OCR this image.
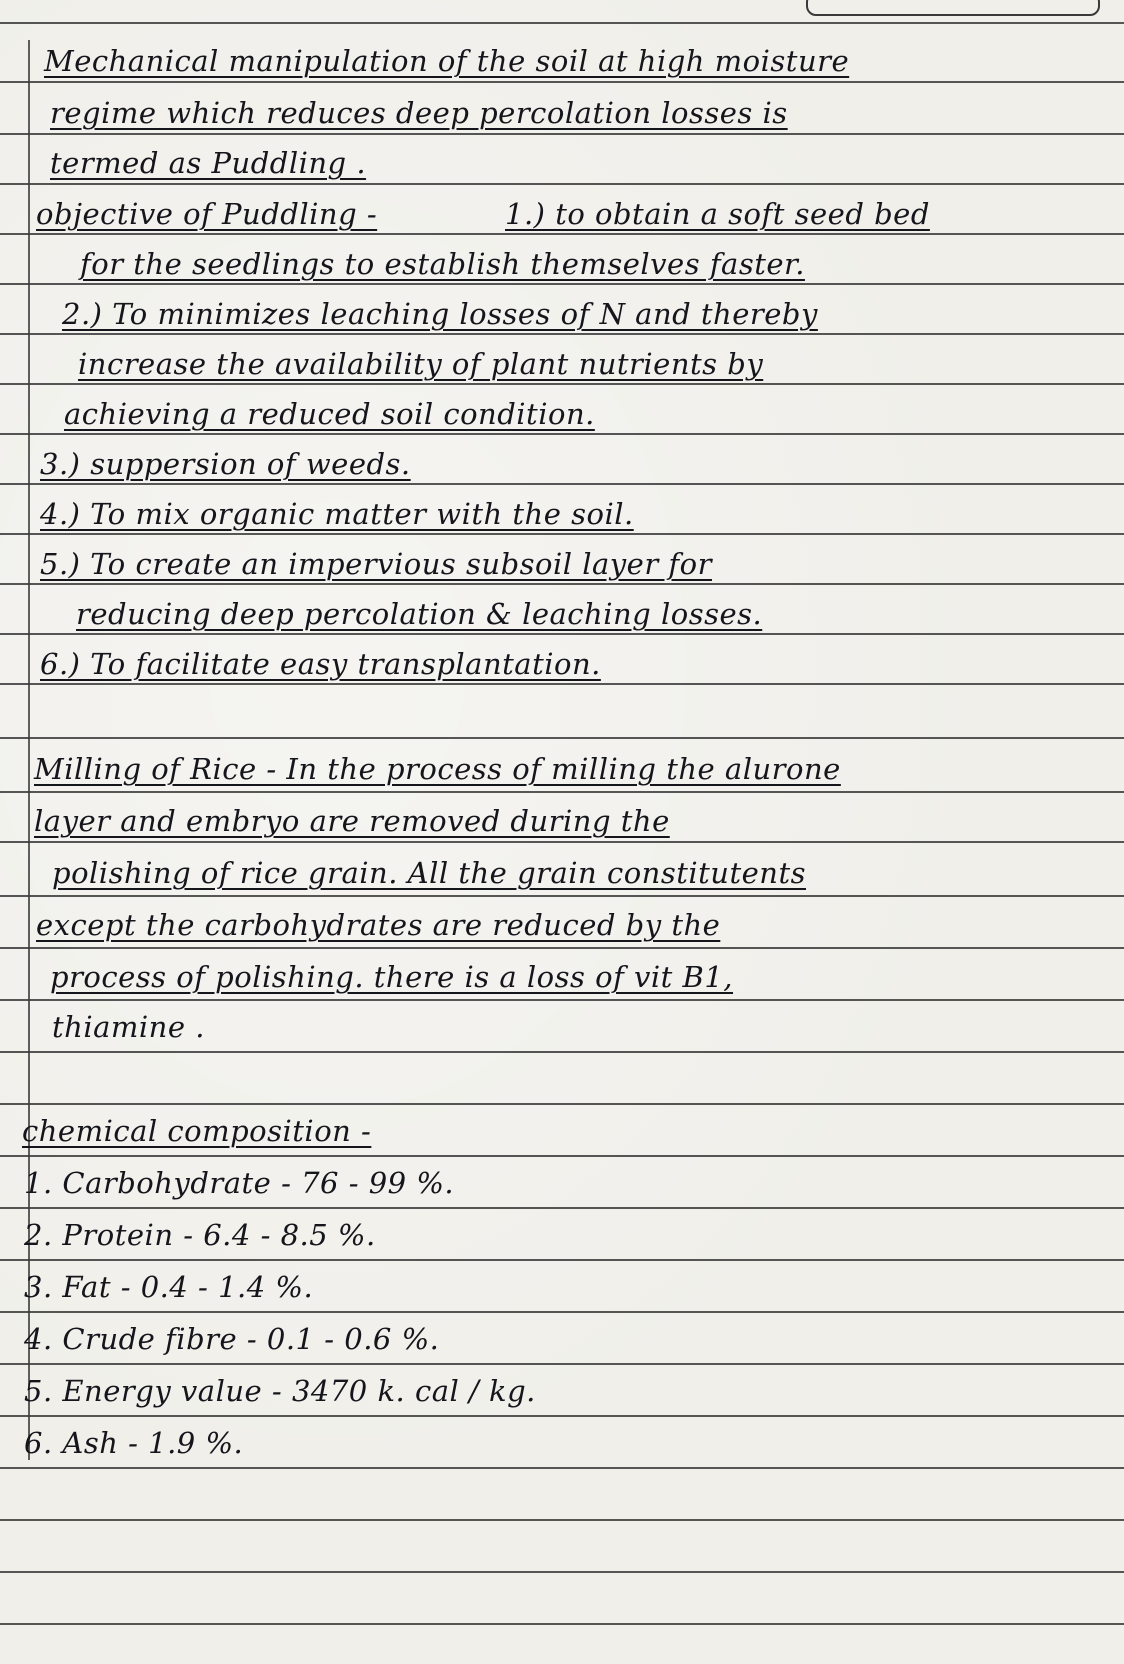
Mechanical manipulation of the soil at high moisture
regime which reduces deep percolation losses is
termed as Puddling .
objective of Puddling -	1.) to obtain a soft seed bed
for the seedlings to establish themselves faster.
2.) To minimizes leaching losses of N and thereby
increase the availability of plant nutrients by
achieving a reduced soil condition.
3.) suppersion of weeds.
4.) To mix organic matter with the soil.
5.) To create an impervious subsoil layer for
reducing deep percolation & leaching losses.
6.) To facilitate easy transplantation.
Milling of Rice - In the process of milling the alurone
layer and embryo are removed during the
polishing of rice grain. All the grain constitutents
except the carbohydrates are reduced by the
process of polishing. there is a loss of vit B1,
thiamine .
chemical composition -
1. Carbohydrate - 76 - 99 %.
2. Protein - 6.4 - 8.5 %.
3. Fat - 0.4 - 1.4 %.
4. Crude fibre - 0.1 - 0.6 %.
5. Energy value - 3470 k. cal / kg.
6. Ash - 1.9 %.
